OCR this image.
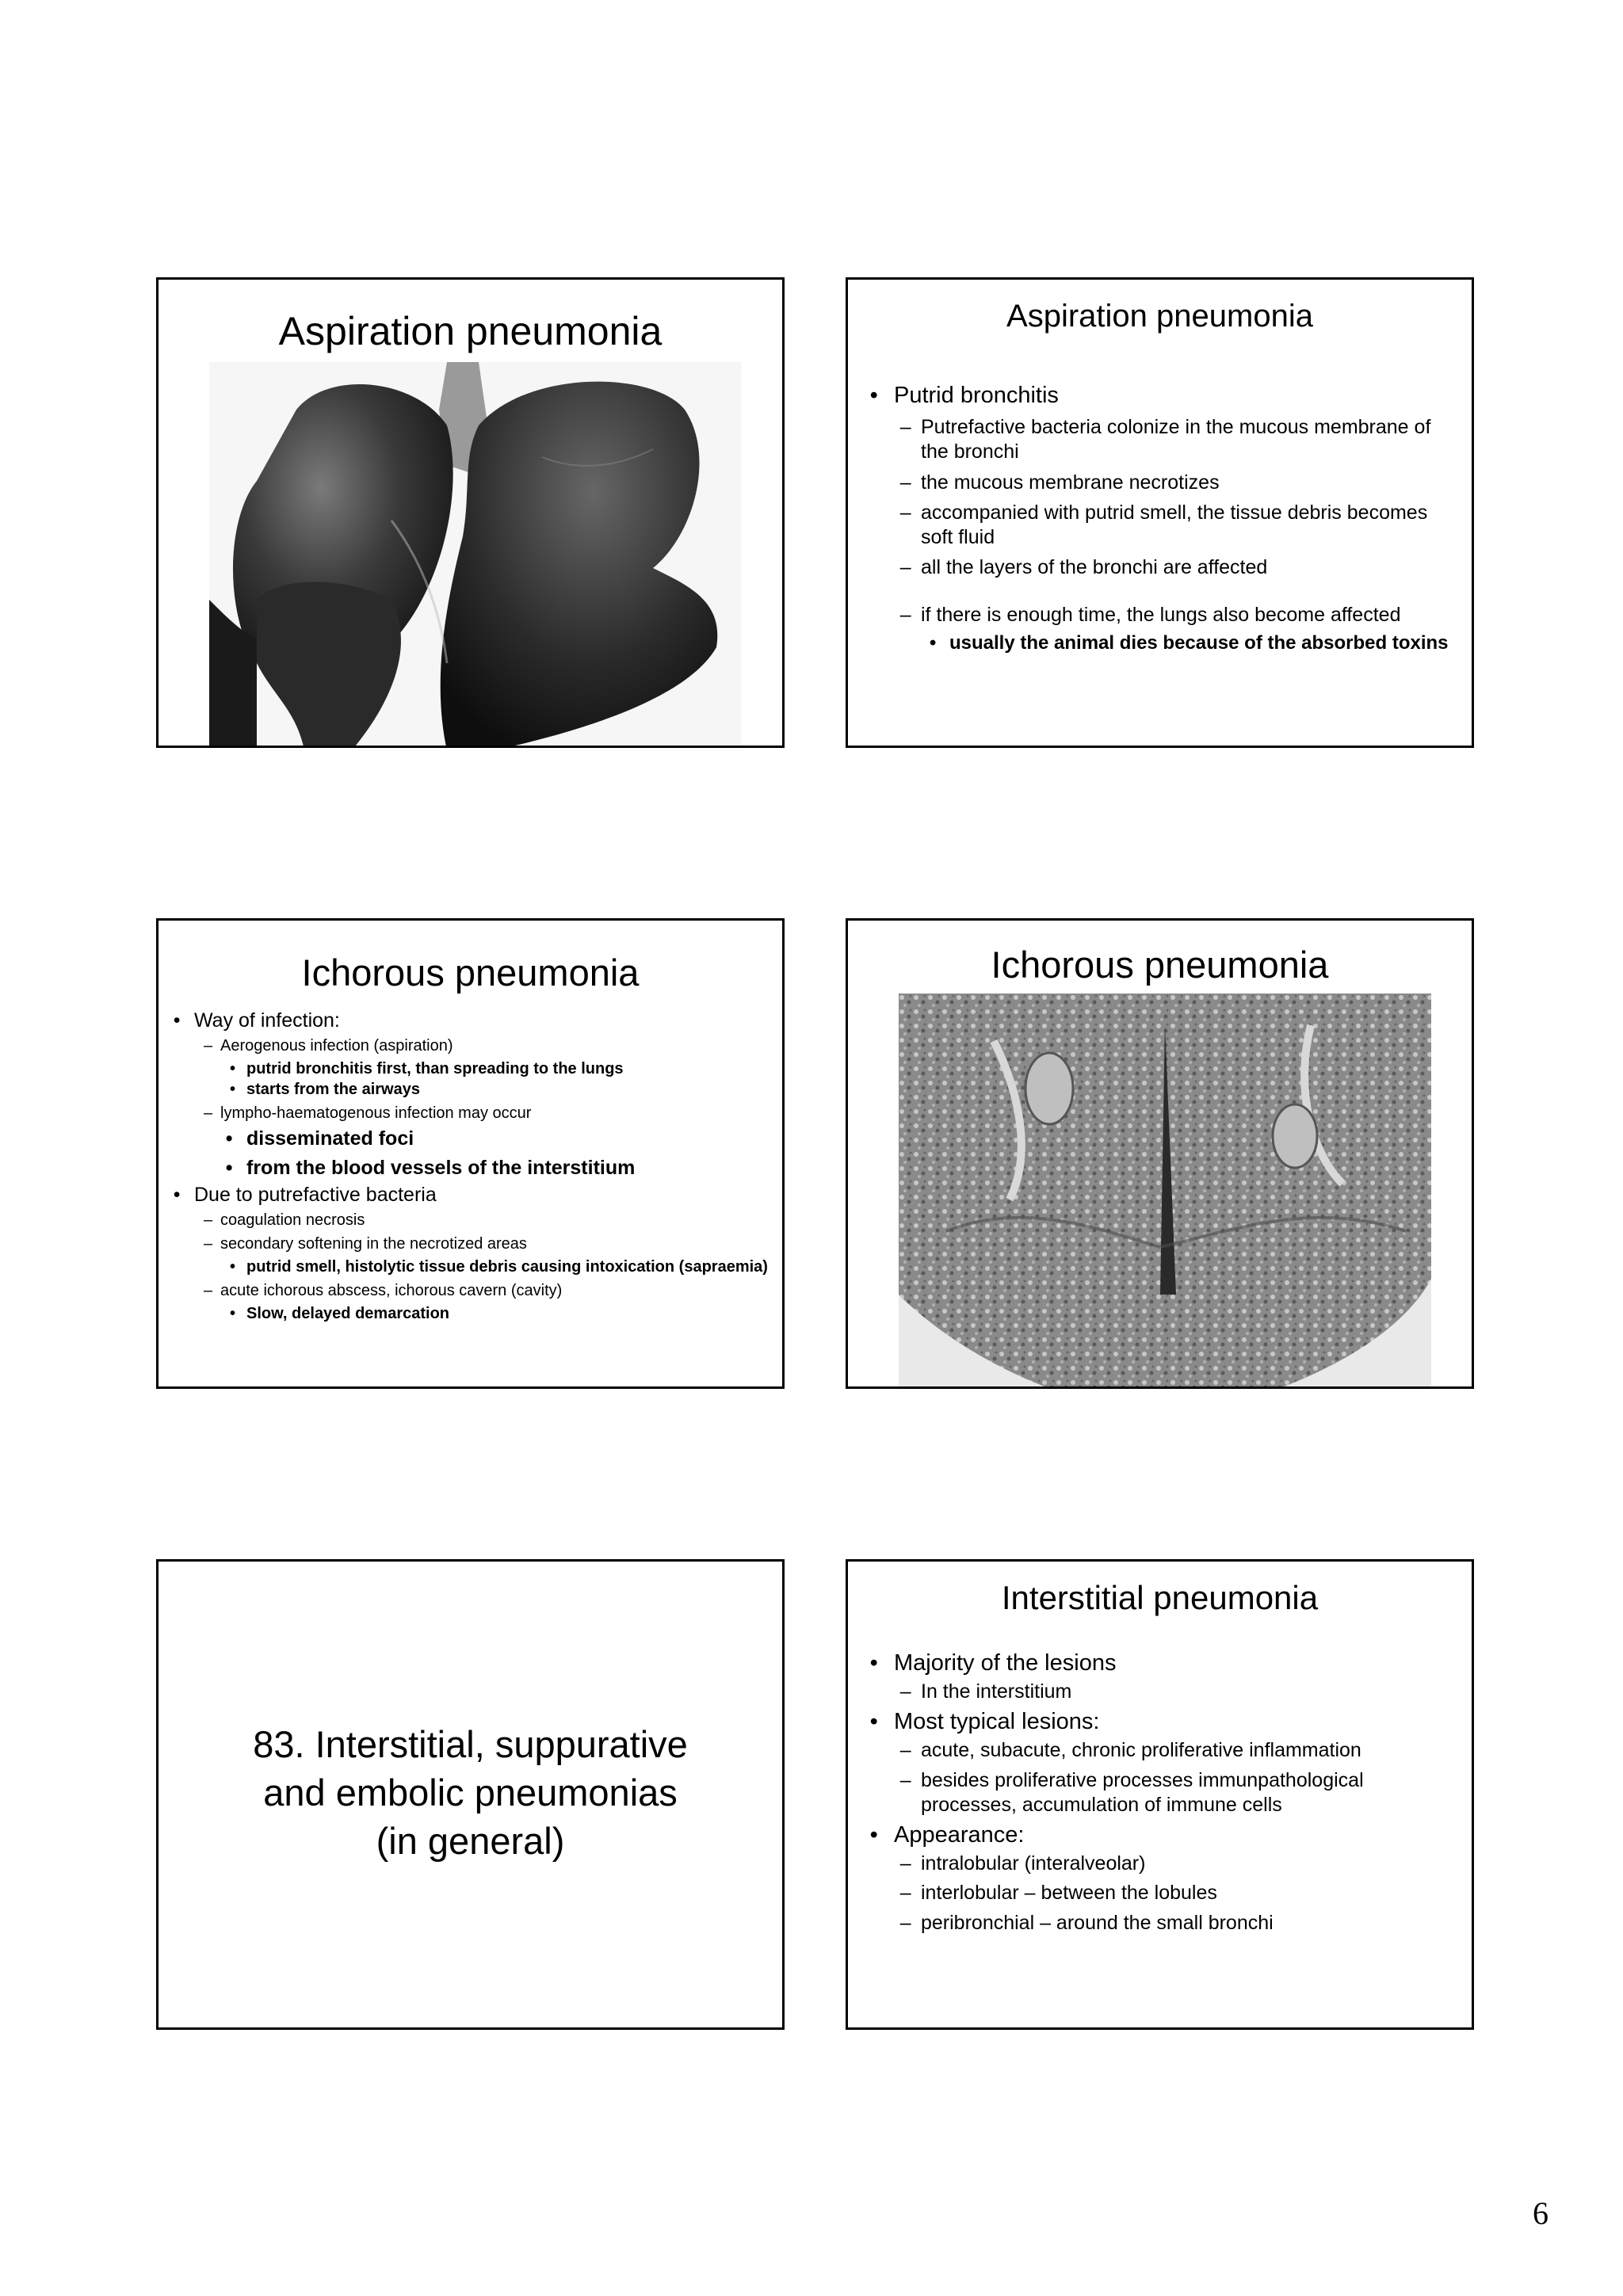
Aspiration pneumonia	Aspiration pneumonia
• Putrid bronchitis
– Putrefactive bacteria colonize in the mucous membrane of the bronchi
– the mucous membrane necrotizes
– accompanied with putrid smell, the tissue debris becomes soft fluid
– all the layers of the bronchi are affected
– if there is enough time, the lungs also become affected
• usually the animal dies because of the absorbed toxins
Ichorous pneumonia
• Way of infection:
– Aerogenous infection (aspiration)
• putrid bronchitis first, than spreading to the lungs
• starts from the airways
– lympho-haematogenous infection may occur
• disseminated foci
• from the blood vessels of the interstitium
• Due to putrefactive bacteria
– coagulation necrosis
– secondary softening in the necrotized areas
• putrid smell, histolytic tissue debris causing intoxication (sapraemia)
– acute ichorous abscess, ichorous cavern (cavity)
• Slow, delayed demarcation
Ichorous pneumonia
83. Interstitial, suppurative
and embolic pneumonias
(in general)
Interstitial pneumonia
• Majority of the lesions
– In the interstitium
• Most typical lesions:
– acute, subacute, chronic proliferative inflammation
– besides proliferative processes immunpathological processes, accumulation of immune cells
• Appearance:
– intralobular (interalveolar)
– interlobular – between the lobules
– peribronchial – around the small bronchi
6
